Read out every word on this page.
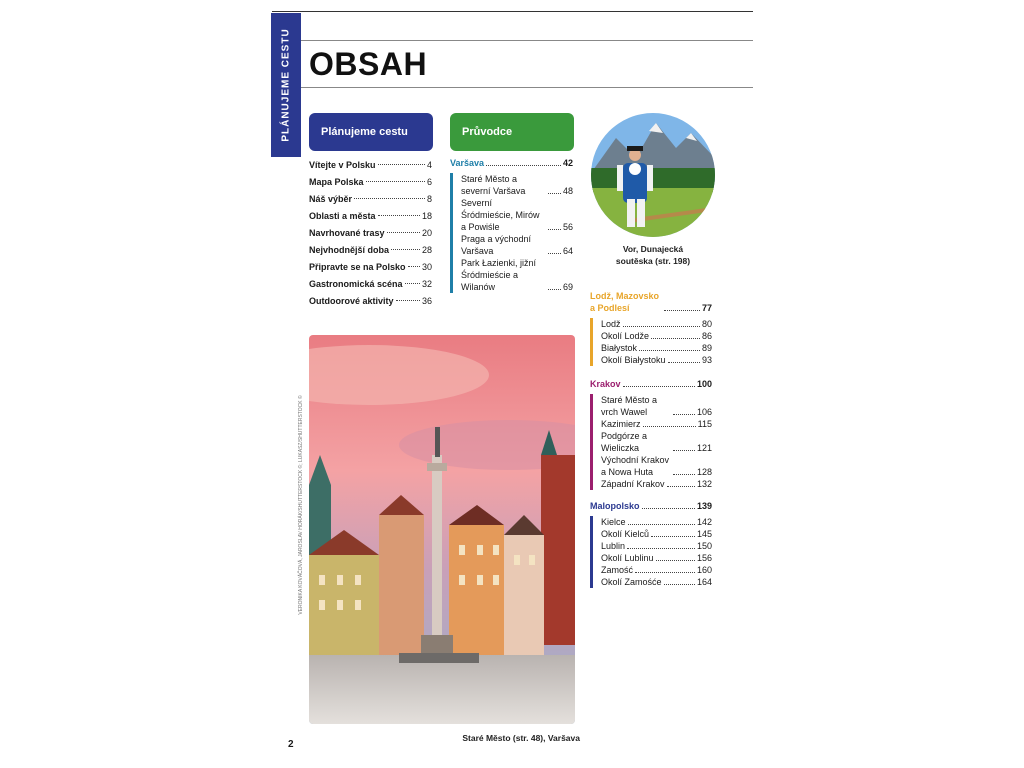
PLÁNUJEME CESTU OBSAH
Plánujeme cestu
Vítejte v Polsku	4
Mapa Polska	6
Náš výběr	8
Oblasti a města	18
Navrhované trasy	20
Nejvhodnější doba	28
Připravte se na Polsko 30
Gastronomická scéna 32
Outdoorové aktivity	36
Průvodce
Varšava	42
Staré Město a severní Varšava	48
Severní Śródmieście, Mirów a Powiśle	56
Praga a východní Varšava	64
Park Łazienki, jižní Śródmieście a Wilanów	69
Lodž, Mazovsko a Podlesí	77
Lodž	80
Okolí Lodže	86
Białystok	89
Okolí Białystoku	93
Krakov	100
Staré Město a vrch Wawel	106
Kazimierz	115
Podgórze a Wieliczka	121
Východní Krakov a Nowa Huta	128
Západní Krakov	132
Malopolsko	139
Kielce	142
Okolí Kielců	145
Lublin	150
Okolí Lublinu	156
Zamość	160
Okolí Zamośće	164
Vor, Dunajecká
soutěska (str. 198)
VERONIKA KOVÁČOVÁ, JAROSLAV HORÁK/SHUTTERSTOCK ©; LUKASZ/SHUTTERSTOCK ©
Staré Město (str. 48), Varšava
2
